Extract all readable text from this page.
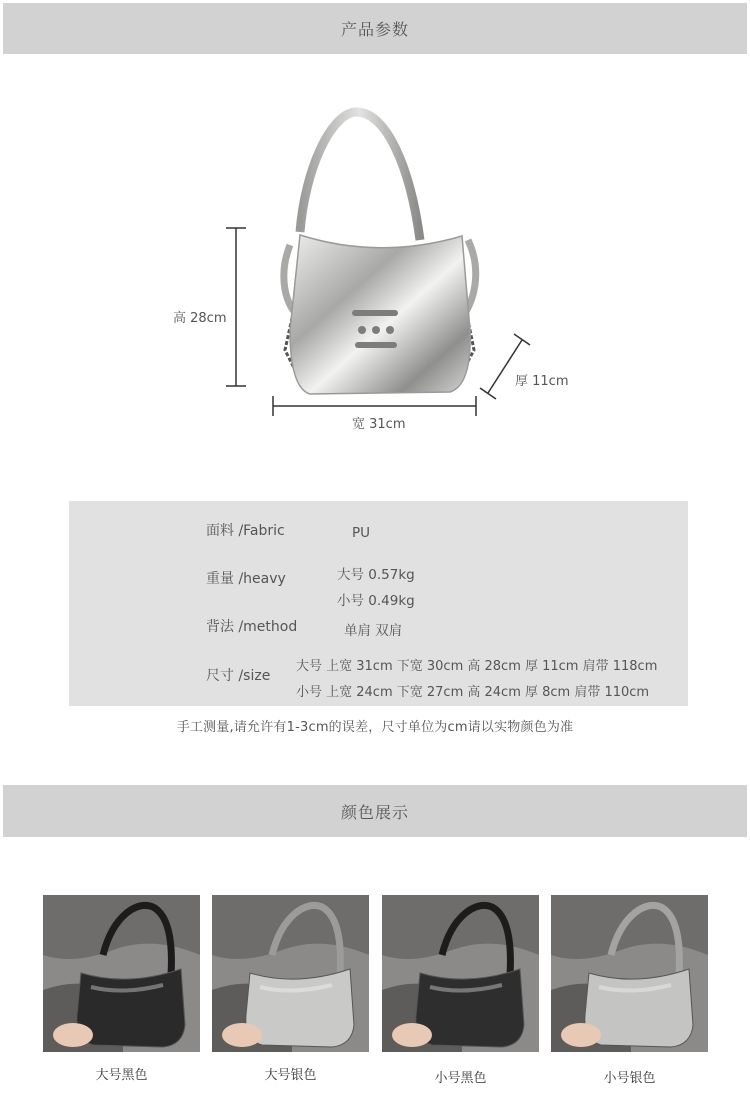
产品参数
高 28cm
宽 31cm
厚 11cm
面料 /Fabric	PU
重量 /heavy	大号 0.57kg
小号 0.49kg
背法 /method	单肩 双肩
尺寸 /size
大号 上宽 31cm 下宽 30cm 高 28cm 厚 11cm 肩带 118cm
小号 上宽 24cm 下宽 27cm 高 24cm 厚 8cm 肩带 110cm
手工测量,请允许有1-3cm的误差，尺寸单位为cm请以实物颜色为准
颜色展示
大号黑色	大号银色	小号黑色	小号银色
